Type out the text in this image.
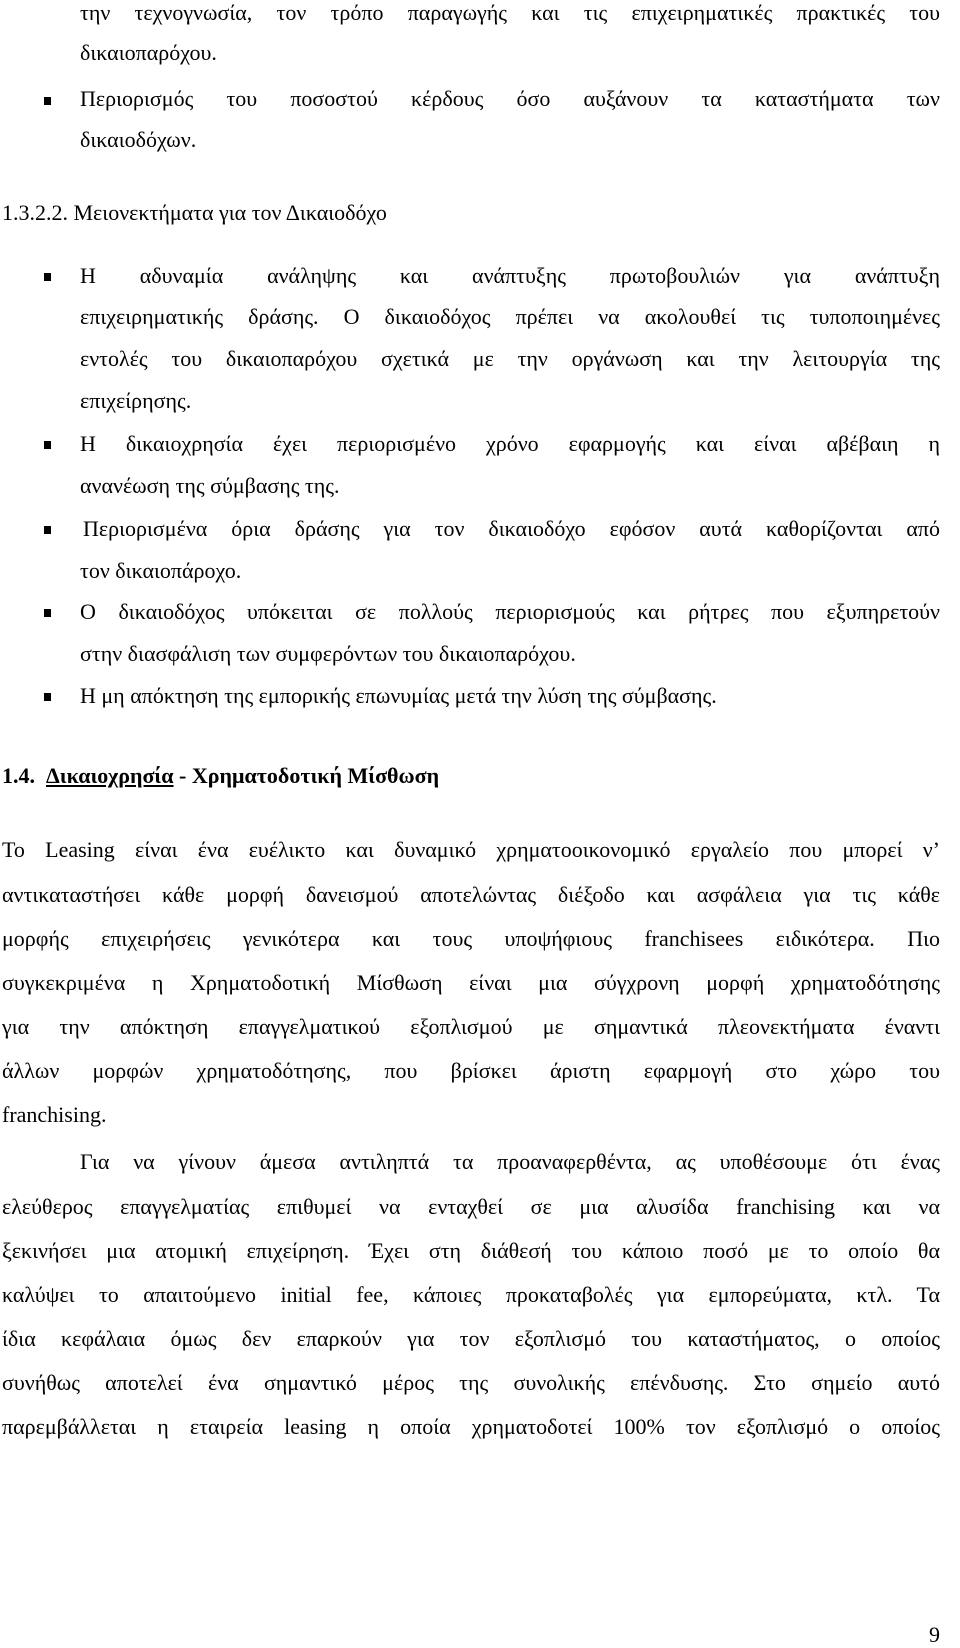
την τεχνογνωσία, τον τρόπο παραγωγής και τις επιχειρηματικές πρακτικές του
δικαιοπαρόχου.
Περιορισμός του ποσοστού κέρδους όσο αυξάνουν τα καταστήματα των
δικαιοδόχων.
1.3.2.2. Μειονεκτήματα για τον Δικαιοδόχο
Η αδυναμία ανάληψης και ανάπτυξης πρωτοβουλιών για ανάπτυξη
επιχειρηματικής δράσης. Ο δικαιοδόχος πρέπει να ακολουθεί τις τυποποιημένες
εντολές του δικαιοπαρόχου σχετικά με την οργάνωση και την λειτουργία της
επιχείρησης.
Η δικαιοχρησία έχει περιορισμένο χρόνο εφαρμογής και είναι αβέβαιη η
ανανέωση της σύμβασης της.
Περιορισμένα όρια δράσης για τον δικαιοδόχο εφόσον αυτά καθορίζονται από
τον δικαιοπάροχο.
Ο δικαιοδόχος υπόκειται σε πολλούς περιορισμούς και ρήτρες που εξυπηρετούν
στην διασφάλιση των συμφερόντων του δικαιοπαρόχου.
Η μη απόκτηση της εμπορικής επωνυμίας μετά την λύση της σύμβασης.
1.4. Δικαιοχρησία - Χρηματοδοτική Μίσθωση
Το Leasing είναι ένα ευέλικτο και δυναμικό χρηματοοικονομικό εργαλείο που μπορεί ν’
αντικαταστήσει κάθε μορφή δανεισμού αποτελώντας διέξοδο και ασφάλεια για τις κάθε
μορφής επιχειρήσεις γενικότερα και τους υποψήφιους franchisees ειδικότερα. Πιο
συγκεκριμένα η Χρηματοδοτική Μίσθωση είναι μια σύγχρονη μορφή χρηματοδότησης
για την απόκτηση επαγγελματικού εξοπλισμού με σημαντικά πλεονεκτήματα έναντι
άλλων μορφών χρηματοδότησης, που βρίσκει άριστη εφαρμογή στο χώρο του
franchising.
Για να γίνουν άμεσα αντιληπτά τα προαναφερθέντα, ας υποθέσουμε ότι ένας
ελεύθερος επαγγελματίας επιθυμεί να ενταχθεί σε μια αλυσίδα franchising και να
ξεκινήσει μια ατομική επιχείρηση. Έχει στη διάθεσή του κάποιο ποσό με το οποίο θα
καλύψει το απαιτούμενο initial fee, κάποιες προκαταβολές για εμπορεύματα, κτλ. Τα
ίδια κεφάλαια όμως δεν επαρκούν για τον εξοπλισμό του καταστήματος, ο οποίος
συνήθως αποτελεί ένα σημαντικό μέρος της συνολικής επένδυσης. Στο σημείο αυτό
παρεμβάλλεται η εταιρεία leasing η οποία χρηματοδοτεί 100% τον εξοπλισμό ο οποίος
9
